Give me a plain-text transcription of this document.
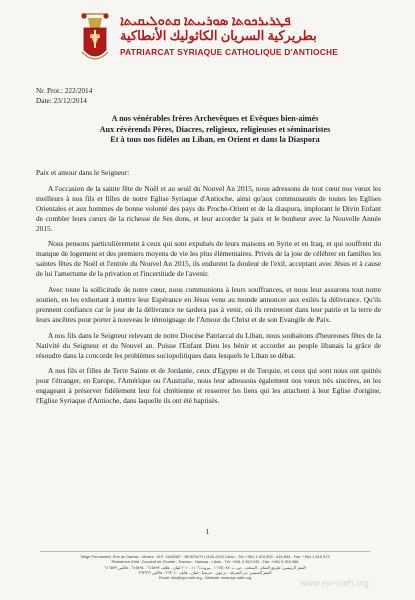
ܦܛܪܝܪܟܘܬܐ ܣܘܪܝܝܬܐ ܩܬܘܠܝܩܝܬܐ
بطريركية السريان الكاثوليك الأنطاكية
PATRIARCAT SYRIAQUE CATHOLIQUE D'ANTIOCHE
Nr. Prot.: 222/2014
Date: 23/12/2014
A nos vénérables frères Archevêques et Evêques bien-aimés
Aux révérends Pères, Diacres, religieux, religieuses et séminaristes
Et à tous nos fidèles au Liban, en Orient et dans la Diaspora

Paix et amour dans le Seigneur:

A l'occasion de la sainte fête de Noël et au seuil du Nouvel An 2015, nous adressons de tout cœur nos vœux les meilleurs à nos fils et filles de notre Eglise Syriaque d'Antioche, ainsi qu'aux communautés de toutes les Eglises Orientales et aux hommes de bonne volonté des pays du Proche-Orient et de la diaspora, implorant le Divin Enfant de combler leurs cœurs de la richesse de Ses dons, et leur accorder la paix et le bonheur avec la Nouvelle Année 2015.

Nous pensons particulièrement à ceux qui sont expulsés de leurs maisons en Syrie et en Iraq, et qui souffrent du manque de logement et des premiers moyens de vie les plus élémentaires. Privés de la joie de célébrer en familles les saintes fêtes de Noël et l'entrée du Nouvel An 2015, ils endurent la douleur de l'exil, acceptant avec Jésus et à cause de lui l'amertume de la privation et l'incertitude de l'avenir.

Avec toute la sollicitude de notre cœur, nous communions à leurs souffrances, et nous leur assurons tout notre soutien, en les exhortant à mettre leur Espérance en Jésus venu au monde annoncer aux exilés la délivrance. Qu'ils prennent confiance car le jour de la délivrance ne tardera pas à venir, où ils rentreront dans leur patrie et la terre de leurs ancêtres pour porter à nouveau le témoignage de l'Amour du Christ et de son Evangile de Paix.

A nos fils dans le Seigneur relevant de notre Diocèse Patriarcal du Liban, nous souhaitons d'heureuses fêtes de la Nativité du Seigneur et du Nouvel an. Puisse l'Enfant Dieu les bénir et accorder au peuple libanais la grâce de résoudre dans la concorde les problèmes sociopolitiques dans lesquels le Liban se débat.

A nos fils et filles de Terre Sainte et de Jordanie, ceux d'Egypte et de Turquie, et ceux qui sont nous ont quittés pour l'étranger, en Europe, l'Amérique ou l'Australie, nous leur adressons également nos vœux très sincères, en les engageant à préserver fidèlement leur foi chrétienne et resserrer les liens qui les attachent à leur Eglise d'origine, l'Eglise Syriaque d'Antioche, dans laquelle ils ont été baptisés.

1
Siège Permanent: Rue de Damas - Musée - B.P. 116/5087 - BEIROUTH 1106-2010 Liban - Tél: +961 1 615 892 - 615 894 - Fax: +961 1 616 573
Résidence d'été: Couvent de Charfet - Daroun - Harissa - Liban - Tél: +961 9 263 040 - Fax: +961 9 263 966
المقر الرئيسي: طريق الشام - المتحف - ص.ب. ١١٦/٥٠٨٧ - بيروت ١١٠٦-٢٠١٠ لبنان - هاتف ٦١٥٨٩٢ - ٦١٥٨٩٤ - فاكس ٦١٦٥٧٣
المقر الصيفي: دير الشرفة - درعون - حريصا - لبنان - هاتف ٢٦٣٠٤٠ - فاكس ٢٦٣٩٦٦
Email: info@syr-cath.org - Website: www.syr-cath.org
www.syr-cath.org
